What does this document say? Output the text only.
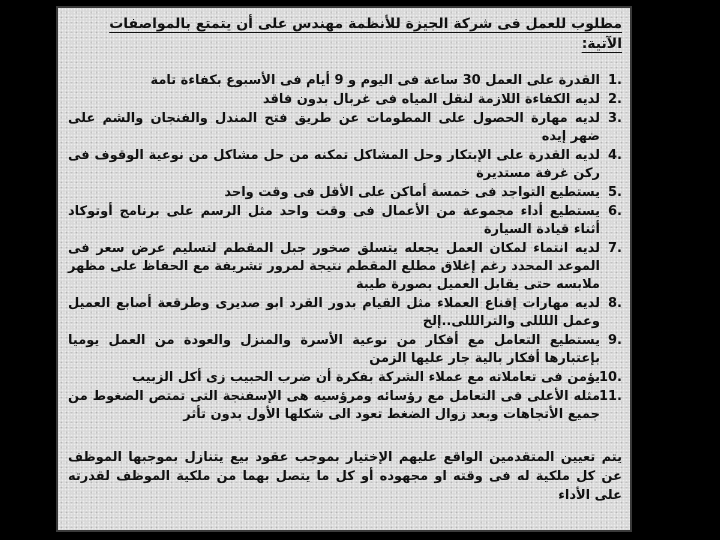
مطلوب للعمل فى شركة الجيزة للأنظمة مهندس على أن يتمتع بالمواصفات الآتية:
1.
القدرة على العمل 30 ساعة فى اليوم و 9 أيام فى الأسبوع بكفاءة تامة
2.
لديه الكفاءة اللازمة لنقل المياه فى غربال بدون فاقد
3.
لديه مهارة الحصول على المطومات عن طريق فتح المندل والفنجان والشم على ضهر إيده
4.
لديه القدرة على الإبتكار وحل المشاكل تمكنه من حل مشاكل من نوعية الوقوف فى ركن غرفة مستديرة
5.
يستطيع التواجد فى خمسة أماكن على الأقل فى وقت واحد
6.
يستطيع أداء مجموعة من الأعمال فى وقت واحد مثل الرسم على برنامج أوتوكاد أثناء قيادة السيارة
7.
لديه انتماء لمكان العمل يجعله يتسلق صخور جبل المقطم لتسليم عرض سعر فى الموعد المحدد رغم إغلاق مطلع المقطم نتيجة لمرور تشريفة مع الحفاظ على مظهر ملابسه حتى يقابل العميل بصورة طيبة
8.
لديه مهارات إقناع العملاء مثل القيام بدور القرد ابو صديرى وطرقعة أصابع العميل وعمل اللللى والترالللى..إلخ
9.
يستطيع التعامل مع أفكار من نوعية الأسرة والمنزل والعودة من العمل يوميا بإعتبارها أفكار بالية جار عليها الزمن
10.
يؤمن فى تعاملاته مع عملاء الشركة بفكرة أن ضرب الحبيب زى أكل الزبيب
11.
مثله الأعلى فى التعامل مع رؤسائه ومرؤسيه هى الإسفنجة التى تمتص الضغوط من جميع الأتجاهات وبعد زوال الضغط تعود الى شكلها الأول بدون تأثر
يتم تعيين المتقدمين الواقع عليهم الإختيار بموجب عقود بيع يتنازل بموجبها الموظف عن كل ملكية له فى وقته او مجهوده أو كل ما يتصل بهما من ملكية الموظف لقدرته على الأداء
